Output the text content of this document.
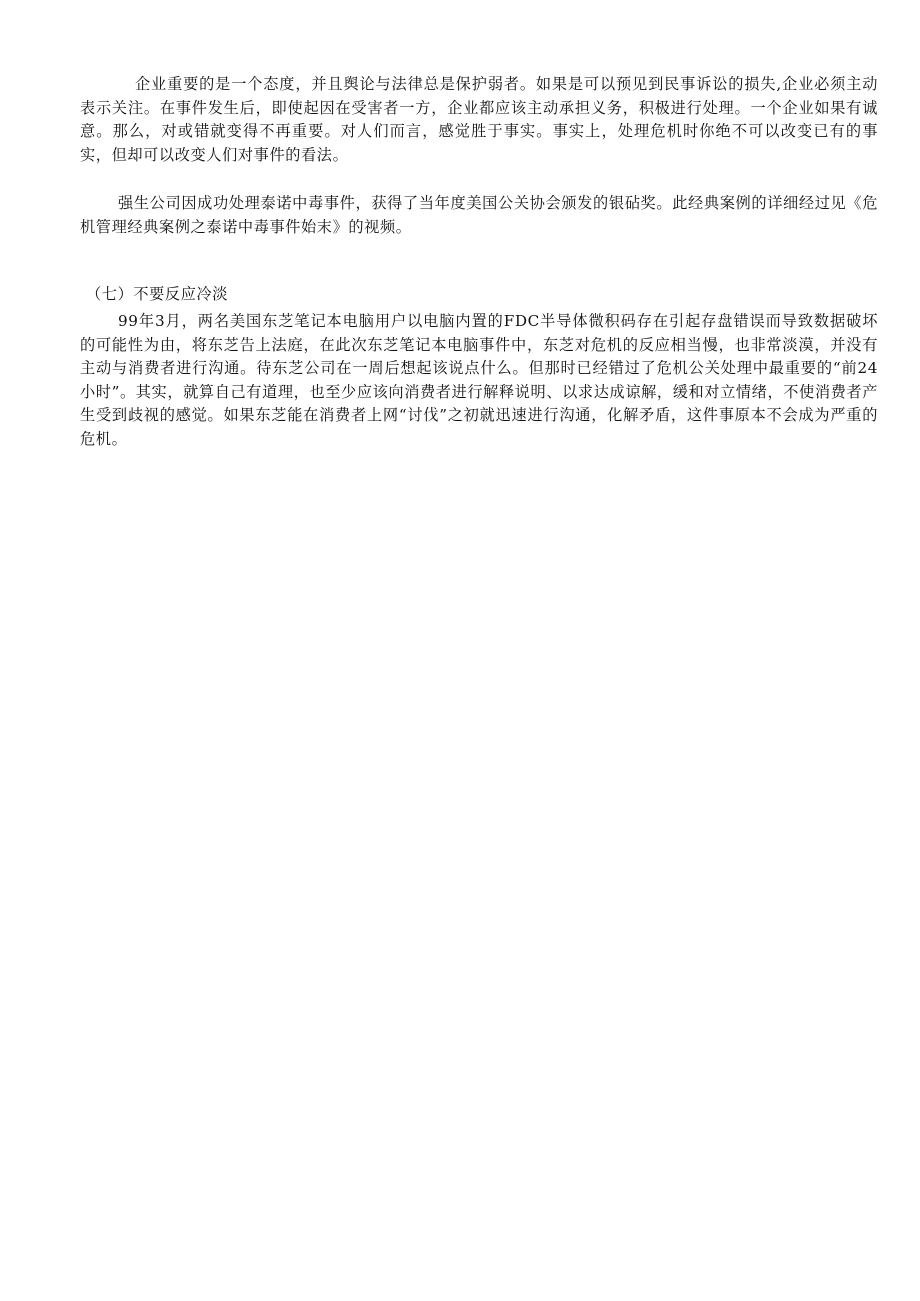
企业重要的是一个态度，并且舆论与法律总是保护弱者。如果是可以预见到民事诉讼的损失,企业必须主动表示关注。在事件发生后，即使起因在受害者一方，企业都应该主动承担义务，积极进行处理。一个企业如果有诚意。那么，对或错就变得不再重要。对人们而言，感觉胜于事实。事实上，处理危机时你绝不可以改变已有的事实，但却可以改变人们对事件的看法。

强生公司因成功处理泰诺中毒事件，获得了当年度美国公关协会颁发的银砧奖。此经典案例的详细经过见《危机管理经典案例之泰诺中毒事件始末》的视频。

（七）不要反应冷淡

99年3月，两名美国东芝笔记本电脑用户以电脑内置的FDC半导体微积码存在引起存盘错误而导致数据破坏的可能性为由，将东芝告上法庭，在此次东芝笔记本电脑事件中，东芝对危机的反应相当慢，也非常淡漠，并没有主动与消费者进行沟通。待东芝公司在一周后想起该说点什么。但那时已经错过了危机公关处理中最重要的“前24小时”。其实，就算自己有道理，也至少应该向消费者进行解释说明、以求达成谅解，缓和对立情绪，不使消费者产生受到歧视的感觉。如果东芝能在消费者上网“讨伐”之初就迅速进行沟通，化解矛盾，这件事原本不会成为严重的危机。
